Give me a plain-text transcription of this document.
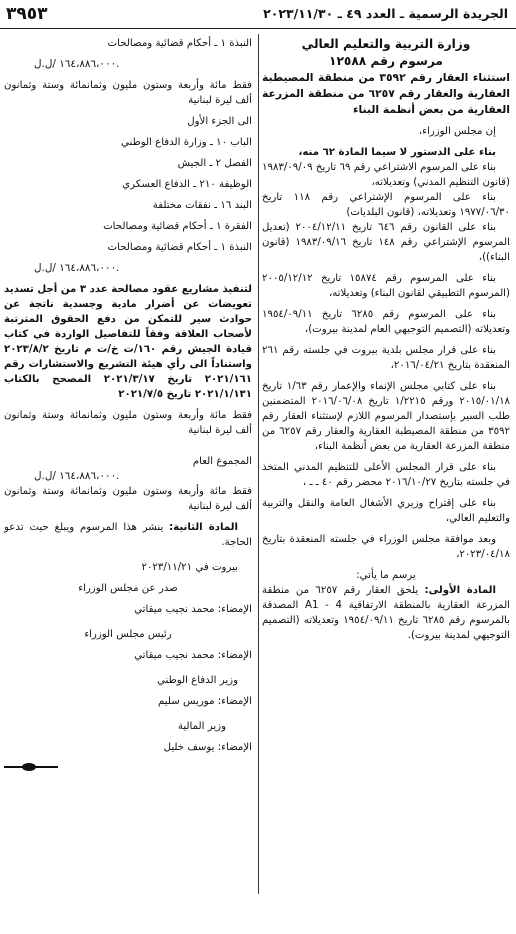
الجريدة الرسمية ـ العدد ٤٩ ـ ٢٠٢٣/١١/٣٠
٣٩٥٣

وزارة التربية والتعليم العالي

مرسوم رقم ١٢٥٨٨

استثناء العقار رقم ٣٥٩٢ من منطقة المصيطبة العقارية والعقار رقم ٦٢٥٧ من منطقة المزرعة العقارية من بعض أنظمة البناء

إن مجلس الوزراء،

بناء على الدستور لا سيما المادة ٦٢ منه،

بناء على المرسوم الاشتراعي رقم ٦٩ تاريخ ١٩٨٣/٠٩/٠٩ (قانون التنظيم المدني) وتعديلاته،

بناء على المرسوم الإشتراعي رقم ١١٨ تاريخ ١٩٧٧/٠٦/٣٠ وتعديلاته، (قانون البلديات)

بناء على القانون رقم ٦٤٦ تاريخ ٢٠٠٤/١٢/١١ (تعديل المرسوم الإشتراعي رقم ١٤٨ تاريخ ١٩٨٣/٠٩/١٦ (قانون البناء))،

بناء على المرسوم رقم ١٥٨٧٤ تاريخ ٢٠٠٥/١٢/١٢ (المرسوم التطبيقي لقانون البناء) وتعديلاته،

بناء على المرسوم رقم ٦٢٨٥ تاريخ ١٩٥٤/٠٩/١١ وتعديلاته (التصميم التوجيهي العام لمدينة بيروت)،

بناء على قرار مجلس بلدية بيروت في جلسته رقم ٢٦١ المنعقدة بتاريخ ٢٠١٦/٠٤/٢١،

بناء على كتابي مجلس الإنماء والإعمار رقم ١/٦٣ تاريخ ٢٠١٥/٠١/١٨ ورقم ١/٢٢١٥ تاريخ ٢٠١٦/٠٦/٠٨ المتضمنين طلب السير بإستصدار المرسوم اللازم لإستثناء العقار رقم ٣٥٩٢ من منطقة المصيطبة العقارية والعقار رقم ٦٢٥٧ من منطقة المزرعة العقارية من بعض أنظمة البناء،

بناء على قرار المجلس الأعلى للتنظيم المدني المتخذ في جلسته بتاريخ ٢٠١٦/١٠/٢٧ محضر رقم ٤٠ ـ ـ ،

بناء على إقتراح وزيري الأشغال العامة والنقل والتربية والتعليم العالي،

وبعد موافقة مجلس الوزراء في جلسته المنعقدة بتاريخ ٢٠٢٣/٠٤/١٨،

يرسم ما يأتي:

المادة الأولى: يلحق العقار رقم ٦٢٥٧ من منطقة المزرعة العقارية بالمنطقة الارتفاقية 4 - A1 المصدقة بالمرسوم رقم ٦٢٨٥ تاريخ ١٩٥٤/٠٩/١١ وتعديلاته (التصميم التوجيهي لمدينة بيروت).

النبذة ١ ـ أحكام قضائية ومصالحات

١٦٤،٨٨٦،٠٠٠ /ل.ل.

فقط مائة وأربعة وستون مليون وثمانمائة وستة وثمانون ألف ليرة لبنانية

الى الجزء الأول

الباب ١٠ ـ وزارة الدفاع الوطني

الفصل ٢ ـ الجيش

الوظيفة ٢١٠ ـ الدفاع العسكري

البند ١٦ ـ نفقات مختلفة

الفقرة ١ ـ أحكام قضائية ومصالحات

النبذة ١ ـ أحكام قضائية ومصالحات

١٦٤،٨٨٦،٠٠٠ /ل.ل.

لتنفيذ مشاريع عقود مصالحة عدد ٣ من أجل تسديد تعويضات عن أضرار مادية وجسدية ناتجة عن حوادث سير للتمكن من دفع الحقوق المترتبة لأصحاب العلاقة وفقاً للتفاصيل الواردة في كتاب قيادة الجيش رقم ١٦٠/ت خ/ت م تاريخ ٢٠٢٣/٨/٢ واستناداً الى رأي هيئة التشريع والاستشارات رقم ٢٠٢١/١٦١ تاريخ ٢٠٢١/٣/١٧ المصحح بالكتاب ٢٠٢١/١/١٣١ تاريخ ٢٠٢١/٧/٥

فقط مائة وأربعة وستون مليون وثمانمائة وستة وثمانون ألف ليرة لبنانية

المجموع العام

١٦٤،٨٨٦،٠٠٠ /ل.ل.

فقط مائة وأربعة وستون مليون وثمانمائة وستة وثمانون ألف ليرة لبنانية

المادة الثانية: ينشر هذا المرسوم ويبلغ حيث تدعو الحاجة.

بيروت في ٢٠٢٣/١١/٢١

صدر عن مجلس الوزراء

الإمضاء: محمد نجيب ميقاتي

رئيس مجلس الوزراء

الإمضاء: محمد نجيب ميقاتي

وزير الدفاع الوطني

الإمضاء: موريس سليم

وزير المالية

الإمضاء: يوسف خليل
